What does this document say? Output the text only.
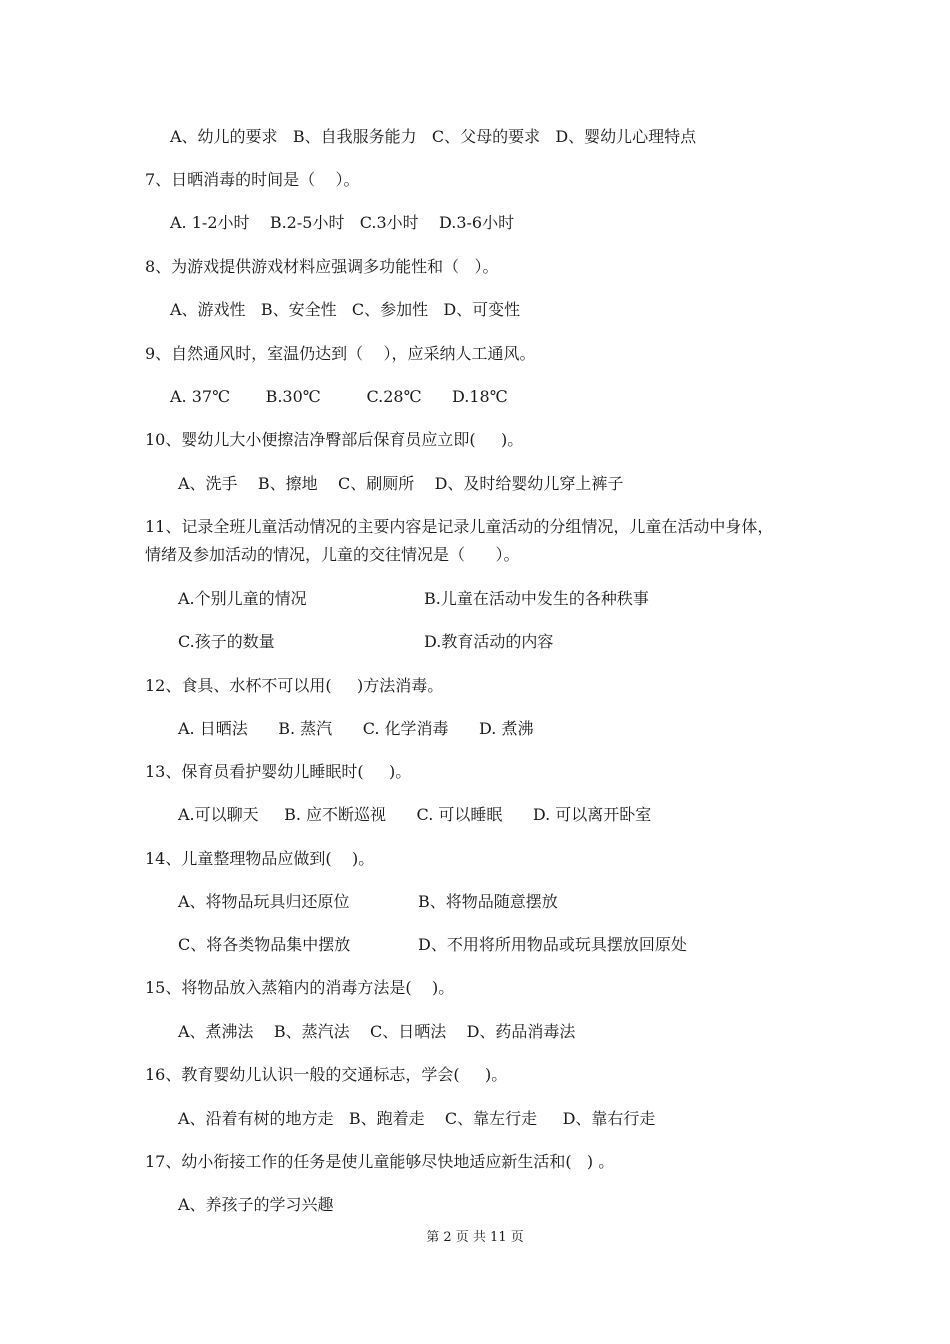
A、幼儿的要求   B、自我服务能力   C、父母的要求   D、婴幼儿心理特点
7、日晒消毒的时间是（    ）。
A. 1-2小时    B.2-5小时   C.3小时    D.3-6小时
8、为游戏提供游戏材料应强调多功能性和（   ）。
A、游戏性   B、安全性   C、参加性   D、可变性
9、自然通风时，室温仍达到（    ），应采纳人工通风。
A. 37℃       B.30℃         C.28℃      D.18℃
10、婴幼儿大小便擦洁净臀部后保育员应立即(     )。
A、洗手    B、擦地    C、刷厕所    D、及时给婴幼儿穿上裤子
11、记录全班儿童活动情况的主要内容是记录儿童活动的分组情况，儿童在活动中身体，
情绪及参加活动的情况，儿童的交往情况是（      ）。
A.个别儿童的情况	B.儿童在活动中发生的各种秩事
C.孩子的数量	D.教育活动的内容
12、食具、水杯不可以用(     )方法消毒。
A. 日晒法      B. 蒸汽      C. 化学消毒      D. 煮沸
13、保育员看护婴幼儿睡眠时(     )。
A.可以聊天     B. 应不断巡视      C. 可以睡眠      D. 可以离开卧室
14、儿童整理物品应做到(    )。
A、将物品玩具归还原位	B、将物品随意摆放
C、将各类物品集中摆放	D、不用将所用物品或玩具摆放回原处
15、将物品放入蒸箱内的消毒方法是(    )。
A、煮沸法    B、蒸汽法    C、日晒法    D、药品消毒法
16、教育婴幼儿认识一般的交通标志，学会(     )。
A、沿着有树的地方走   B、跑着走    C、靠左行走     D、靠右行走
17、幼小衔接工作的任务是使儿童能够尽快地适应新生活和(   ) 。
A、养孩子的学习兴趣
第 2 页 共 11 页
